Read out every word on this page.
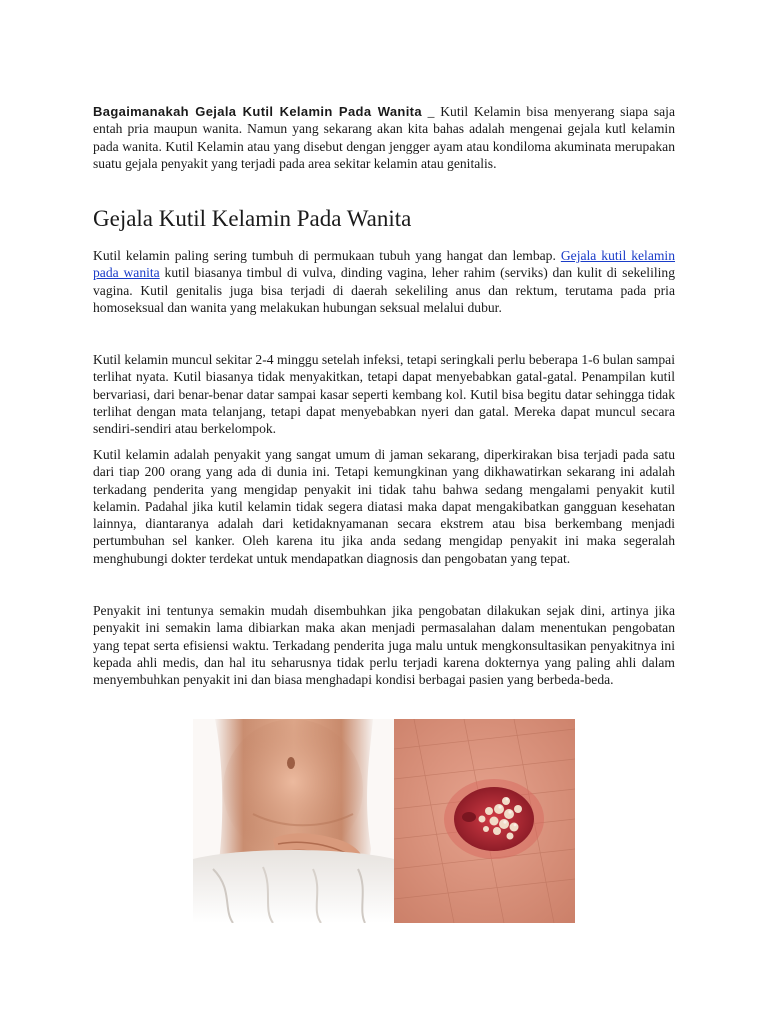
Bagaimanakah Gejala Kutil Kelamin Pada Wanita _ Kutil Kelamin bisa menyerang siapa saja entah pria maupun wanita. Namun yang sekarang akan kita bahas adalah mengenai gejala kutl kelamin pada wanita. Kutil Kelamin atau yang disebut dengan jengger ayam atau kondiloma akuminata merupakan suatu gejala penyakit yang terjadi pada area sekitar kelamin atau genitalis.

Gejala Kutil Kelamin Pada Wanita

Kutil kelamin paling sering tumbuh di permukaan tubuh yang hangat dan lembap. Gejala kutil kelamin pada wanita kutil biasanya timbul di vulva, dinding vagina, leher rahim (serviks) dan kulit di sekeliling vagina. Kutil genitalis juga bisa terjadi di daerah sekeliling anus dan rektum, terutama pada pria homoseksual dan wanita yang melakukan hubungan seksual melalui dubur.

Kutil kelamin muncul sekitar 2-4 minggu setelah infeksi, tetapi seringkali perlu beberapa 1-6 bulan sampai terlihat nyata. Kutil biasanya tidak menyakitkan, tetapi dapat menyebabkan gatal-gatal. Penampilan kutil bervariasi, dari benar-benar datar sampai kasar seperti kembang kol. Kutil bisa begitu datar sehingga tidak terlihat dengan mata telanjang, tetapi dapat menyebabkan nyeri dan gatal. Mereka dapat muncul secara sendiri-sendiri atau berkelompok.

Kutil kelamin adalah penyakit yang sangat umum di jaman sekarang, diperkirakan bisa terjadi pada satu dari tiap 200 orang yang ada di dunia ini. Tetapi kemungkinan yang dikhawatirkan sekarang ini adalah terkadang penderita yang mengidap penyakit ini tidak tahu bahwa sedang mengalami penyakit kutil kelamin. Padahal jika kutil kelamin tidak segera diatasi maka dapat mengakibatkan gangguan kesehatan lainnya, diantaranya adalah dari ketidaknyamanan secara ekstrem atau bisa berkembang menjadi pertumbuhan sel kanker. Oleh karena itu jika anda sedang mengidap penyakit ini maka segeralah menghubungi dokter terdekat untuk mendapatkan diagnosis dan pengobatan yang tepat.

Penyakit ini tentunya semakin mudah disembuhkan jika pengobatan dilakukan sejak dini, artinya jika penyakit ini semakin lama dibiarkan maka akan menjadi permasalahan dalam menentukan pengobatan yang tepat serta efisiensi waktu. Terkadang penderita juga malu untuk mengkonsultasikan penyakitnya ini kepada ahli medis, dan hal itu seharusnya tidak perlu terjadi karena dokternya yang paling ahli dalam menyembuhkan penyakit ini dan biasa menghadapi kondisi berbagai pasien yang berbeda-beda.
